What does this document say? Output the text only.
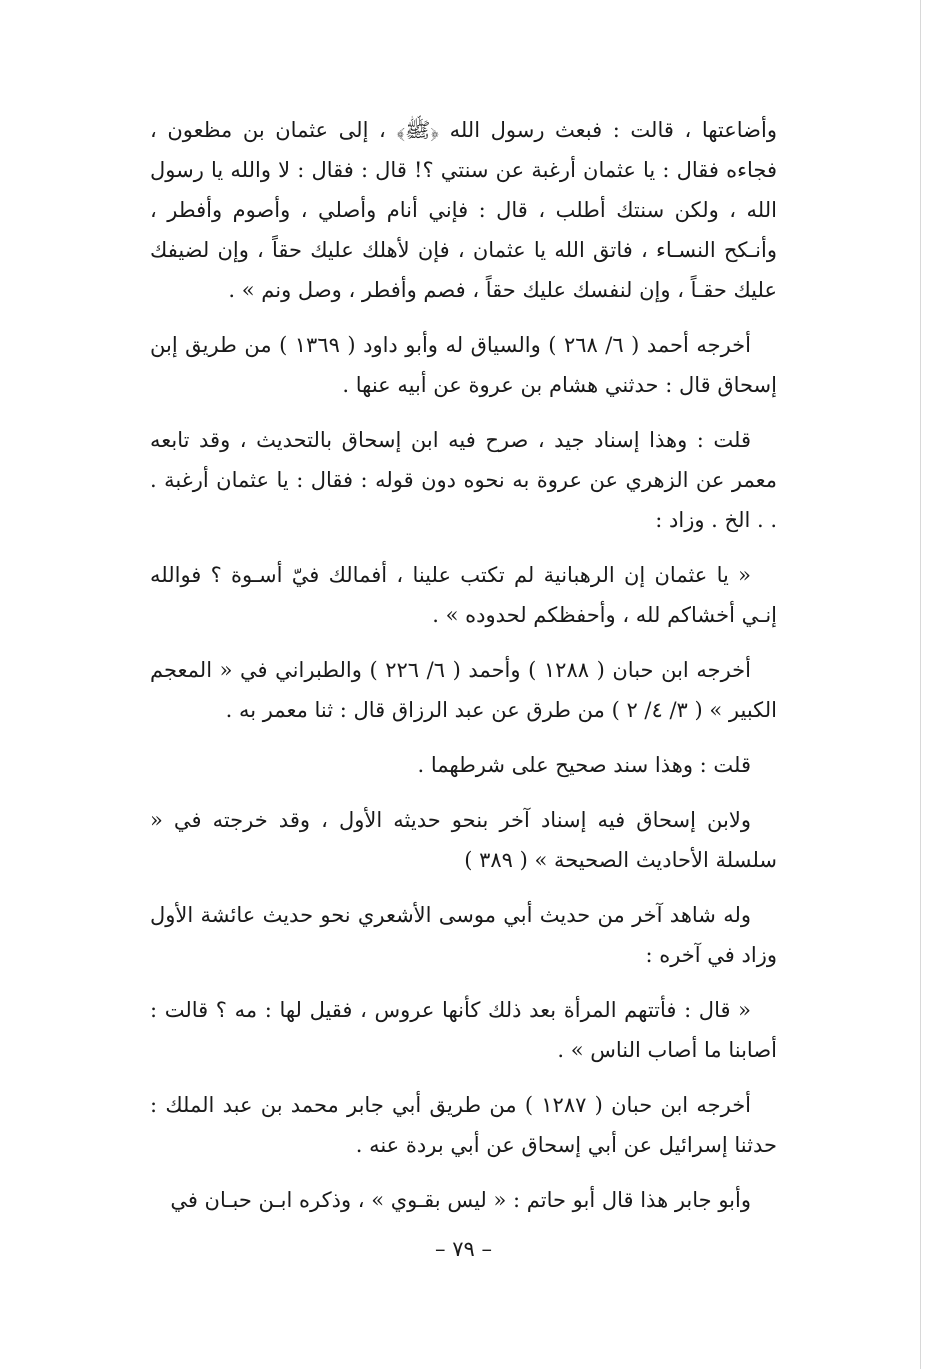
وأضاعتها ، قالت : فبعث رسول الله ﴿ﷺ﴾ ، إلى عثمان بن مظعون ، فجاءه فقال : يا عثمان أرغبة عن سنتي ؟! قال : فقال : لا والله يا رسول الله ، ولكن سنتك أطلب ، قال : فإني أنام وأصلي ، وأصوم وأفطر ، وأنـكح النسـاء ، فاتق الله يا عثمان ، فإن لأهلك عليك حقاً ، وإن لضيفك عليك حقـاً ، وإن لنفسك عليك حقاً ، فصم وأفطر ، وصل ونم » .

أخرجه أحمد ( ٦/ ٢٦٨ ) والسياق له وأبو داود ( ١٣٦٩ ) من طريق إبن إسحاق قال : حدثني هشام بن عروة عن أبيه عنها .

قلت : وهذا إسناد جيد ، صرح فيه ابن إسحاق بالتحديث ، وقد تابعه معمر عن الزهري عن عروة به نحوه دون قوله : فقال : يا عثمان أرغبة . . . الخ . وزاد :

« يا عثمان إن الرهبانية لم تكتب علينا ، أفمالك فيّ أسـوة ؟ فوالله إنـي أخشاكم لله ، وأحفظكم لحدوده » .

أخرجه ابن حبان ( ١٢٨٨ ) وأحمد ( ٦/ ٢٢٦ ) والطبراني في « المعجم الكبير » ( ٣/ ٤/ ٢ ) من طرق عن عبد الرزاق قال : ثنا معمر به .

قلت : وهذا سند صحيح على شرطهما .

ولابن إسحاق فيه إسناد آخر بنحو حديثه الأول ، وقد خرجته في « سلسلة الأحاديث الصحيحة » ( ٣٨٩ )

وله شاهد آخر من حديث أبي موسى الأشعري نحو حديث عائشة الأول وزاد في آخره :

« قال : فأتتهم المرأة بعد ذلك كأنها عروس ، فقيل لها : مه ؟ قالت : أصابنا ما أصاب الناس » .

أخرجه ابن حبان ( ١٢٨٧ ) من طريق أبي جابر محمد بن عبد الملك : حدثنا إسرائيل عن أبي إسحاق عن أبي بردة عنه .

وأبو جابر هذا قال أبو حاتم : « ليس بقـوي » ، وذكره ابـن حبـان في

– ٧٩ –
